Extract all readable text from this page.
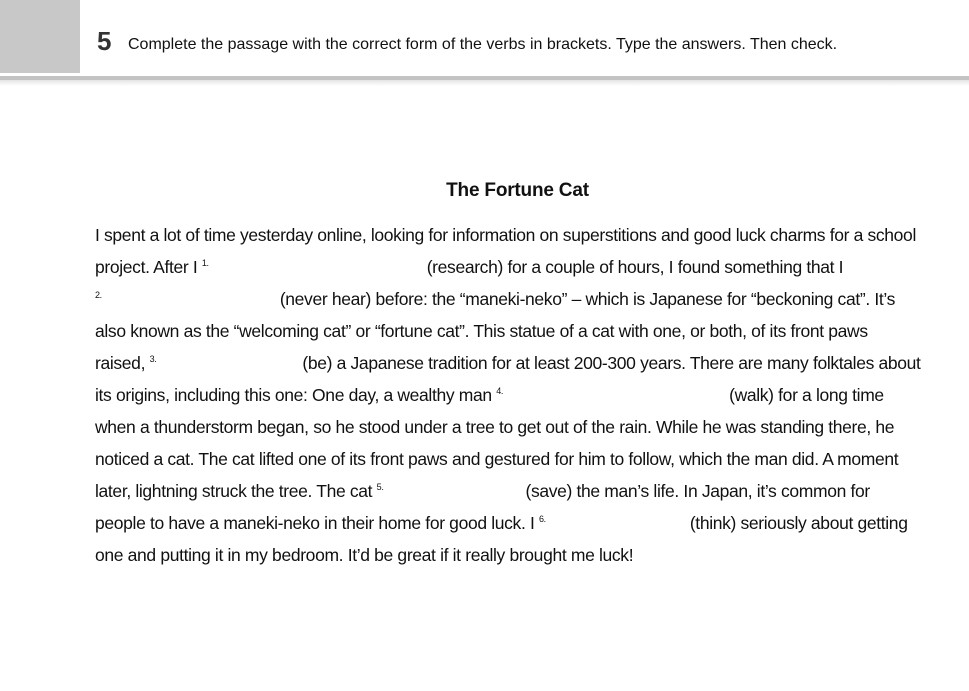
5 Complete the passage with the correct form of the verbs in brackets. Type the answers. Then check.
The Fortune Cat
I spent a lot of time yesterday online, looking for information on superstitions and good luck charms for a school
project. After I $^{1.}$	(research) for a couple of hours, I found something that I
$^{2.}$	(never hear) before: the “maneki-neko” – which is Japanese for “beckoning cat”. It’s
also known as the “welcoming cat” or “fortune cat”. This statue of a cat with one, or both, of its front paws
raised, $^{3.}$	(be) a Japanese tradition for at least 200-300 years. There are many folktales about
its origins, including this one: One day, a wealthy man $^{4.}$	(walk) for a long time
when a thunderstorm began, so he stood under a tree to get out of the rain. While he was standing there, he
noticed a cat. The cat lifted one of its front paws and gestured for him to follow, which the man did. A moment
later, lightning struck the tree. The cat $^{5.}$	(save) the man’s life. In Japan, it’s common for
people to have a maneki-neko in their home for good luck. I $^{6.}$	(think) seriously about getting
one and putting it in my bedroom. It’d be great if it really brought me luck!
